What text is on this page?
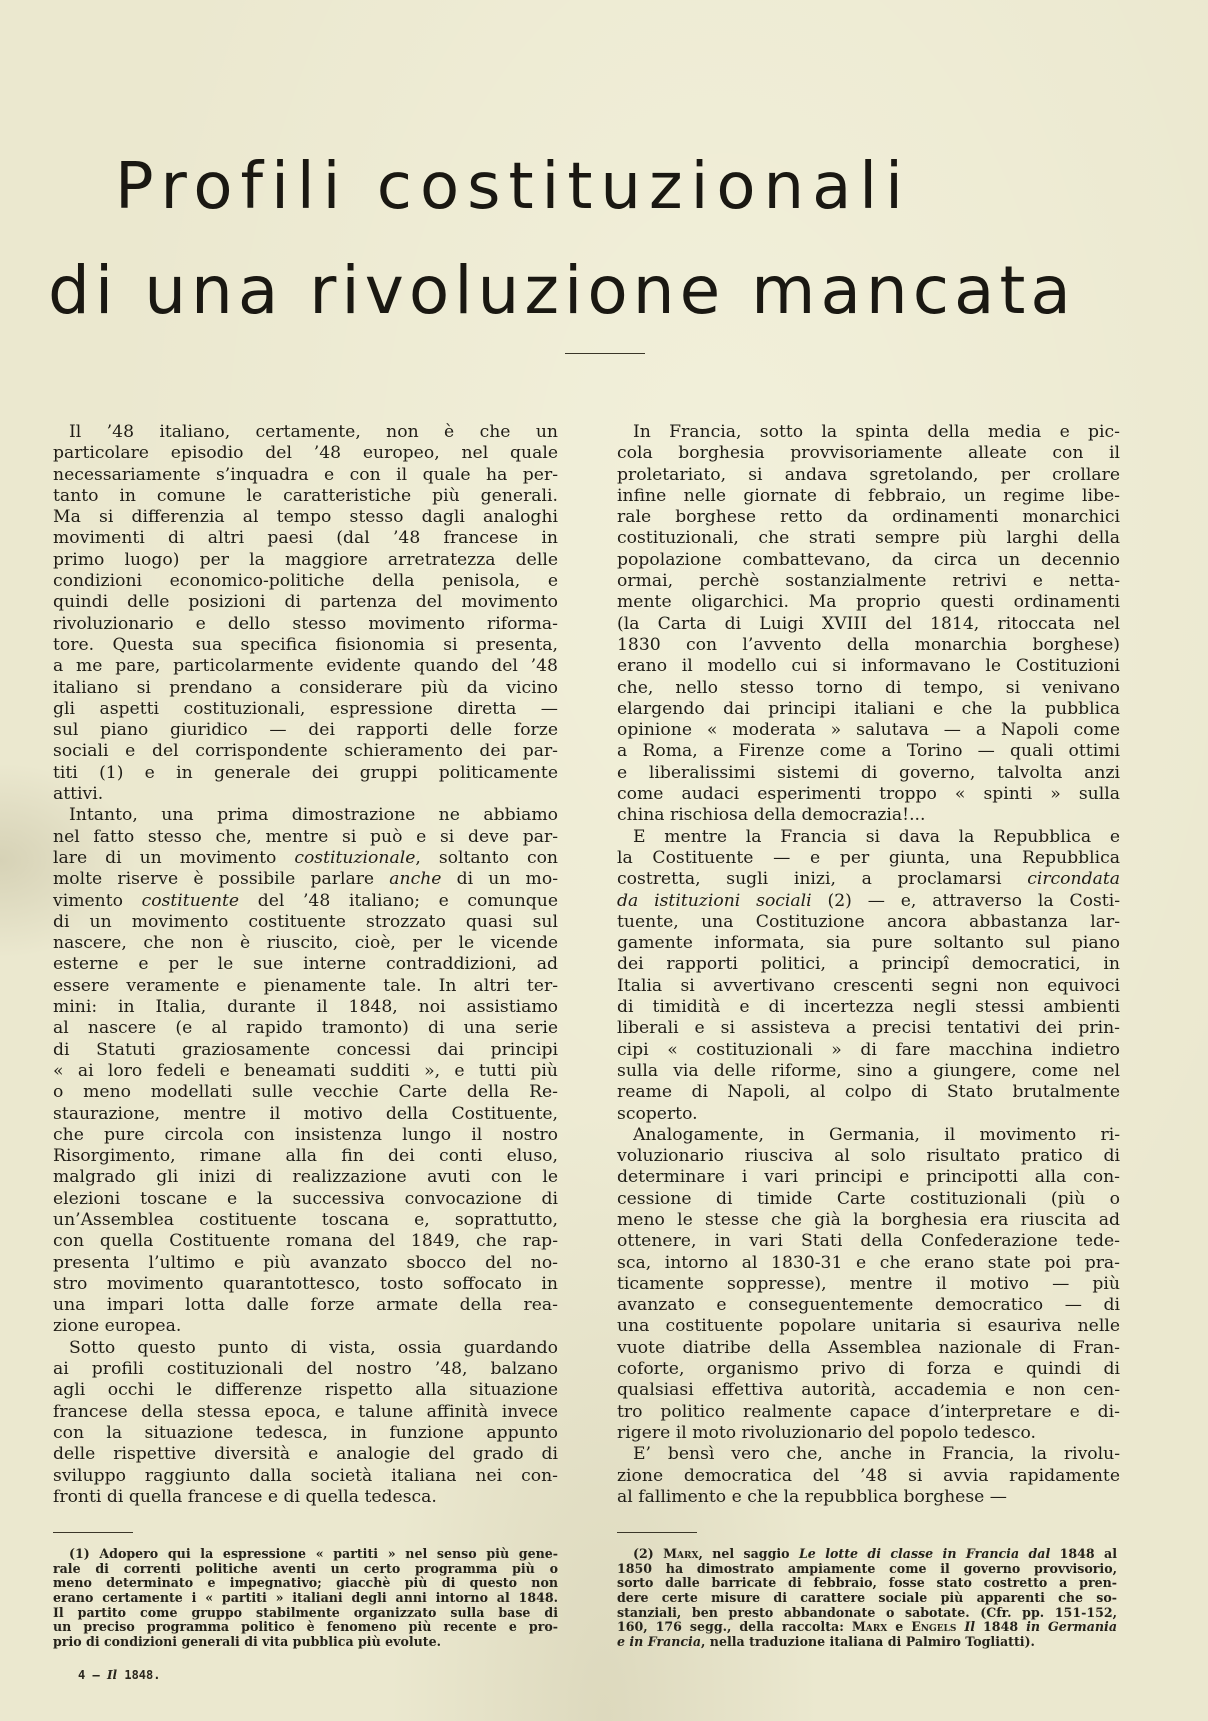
Profili costituzionali
di una rivoluzione mancata
Il ’48 italiano, certamente, non è che un
particolare episodio del ’48 europeo, nel quale
necessariamente s’inquadra e con il quale ha per-
tanto in comune le caratteristiche più generali.
Ma si differenzia al tempo stesso dagli analoghi
movimenti di altri paesi (dal ’48 francese in
primo luogo) per la maggiore arretratezza delle
condizioni economico-politiche della penisola, e
quindi delle posizioni di partenza del movimento
rivoluzionario e dello stesso movimento riforma-
tore. Questa sua specifica fisionomia si presenta,
a me pare, particolarmente evidente quando del ’48
italiano si prendano a considerare più da vicino
gli aspetti costituzionali, espressione diretta —
sul piano giuridico — dei rapporti delle forze
sociali e del corrispondente schieramento dei par-
titi (1) e in generale dei gruppi politicamente
attivi.
Intanto, una prima dimostrazione ne abbiamo
nel fatto stesso che, mentre si può e si deve par-
lare di un movimento costituzionale, soltanto con
molte riserve è possibile parlare anche di un mo-
vimento costituente del ’48 italiano; e comunque
di un movimento costituente strozzato quasi sul
nascere, che non è riuscito, cioè, per le vicende
esterne e per le sue interne contraddizioni, ad
essere veramente e pienamente tale. In altri ter-
mini: in Italia, durante il 1848, noi assistiamo
al nascere (e al rapido tramonto) di una serie
di Statuti graziosamente concessi dai principi
« ai loro fedeli e beneamati sudditi », e tutti più
o meno modellati sulle vecchie Carte della Re-
staurazione, mentre il motivo della Costituente,
che pure circola con insistenza lungo il nostro
Risorgimento, rimane alla fin dei conti eluso,
malgrado gli inizi di realizzazione avuti con le
elezioni toscane e la successiva convocazione di
un’Assemblea costituente toscana e, soprattutto,
con quella Costituente romana del 1849, che rap-
presenta l’ultimo e più avanzato sbocco del no-
stro movimento quarantottesco, tosto soffocato in
una impari lotta dalle forze armate della rea-
zione europea.
Sotto questo punto di vista, ossia guardando
ai profili costituzionali del nostro ’48, balzano
agli occhi le differenze rispetto alla situazione
francese della stessa epoca, e talune affinità invece
con la situazione tedesca, in funzione appunto
delle rispettive diversità e analogie del grado di
sviluppo raggiunto dalla società italiana nei con-
fronti di quella francese e di quella tedesca.
In Francia, sotto la spinta della media e pic-
cola borghesia provvisoriamente alleate con il
proletariato, si andava sgretolando, per crollare
infine nelle giornate di febbraio, un regime libe-
rale borghese retto da ordinamenti monarchici
costituzionali, che strati sempre più larghi della
popolazione combattevano, da circa un decennio
ormai, perchè sostanzialmente retrivi e netta-
mente oligarchici. Ma proprio questi ordinamenti
(la Carta di Luigi XVIII del 1814, ritoccata nel
1830 con l’avvento della monarchia borghese)
erano il modello cui si informavano le Costituzioni
che, nello stesso torno di tempo, si venivano
elargendo dai principi italiani e che la pubblica
opinione « moderata » salutava — a Napoli come
a Roma, a Firenze come a Torino — quali ottimi
e liberalissimi sistemi di governo, talvolta anzi
come audaci esperimenti troppo « spinti » sulla
china rischiosa della democrazia!...
E mentre la Francia si dava la Repubblica e
la Costituente — e per giunta, una Repubblica
costretta, sugli inizi, a proclamarsi circondata
da istituzioni sociali (2) — e, attraverso la Costi-
tuente, una Costituzione ancora abbastanza lar-
gamente informata, sia pure soltanto sul piano
dei rapporti politici, a principî democratici, in
Italia si avvertivano crescenti segni non equivoci
di timidità e di incertezza negli stessi ambienti
liberali e si assisteva a precisi tentativi dei prin-
cipi « costituzionali » di fare macchina indietro
sulla via delle riforme, sino a giungere, come nel
reame di Napoli, al colpo di Stato brutalmente
scoperto.
Analogamente, in Germania, il movimento ri-
voluzionario riusciva al solo risultato pratico di
determinare i vari principi e principotti alla con-
cessione di timide Carte costituzionali (più o
meno le stesse che già la borghesia era riuscita ad
ottenere, in vari Stati della Confederazione tede-
sca, intorno al 1830-31 e che erano state poi pra-
ticamente soppresse), mentre il motivo — più
avanzato e conseguentemente democratico — di
una costituente popolare unitaria si esauriva nelle
vuote diatribe della Assemblea nazionale di Fran-
coforte, organismo privo di forza e quindi di
qualsiasi effettiva autorità, accademia e non cen-
tro politico realmente capace d’interpretare e di-
rigere il moto rivoluzionario del popolo tedesco.
E’ bensì vero che, anche in Francia, la rivolu-
zione democratica del ’48 si avvia rapidamente
al fallimento e che la repubblica borghese —
(1) Adopero qui la espressione « partiti » nel senso più gene-
rale di correnti politiche aventi un certo programma più o
meno determinato e impegnativo; giacchè più di questo non
erano certamente i « partiti » italiani degli anni intorno al 1848.
Il partito come gruppo stabilmente organizzato sulla base di
un preciso programma politico è fenomeno più recente e pro-
prio di condizioni generali di vita pubblica più evolute.
(2) Marx, nel saggio Le lotte di classe in Francia dal 1848 al
1850 ha dimostrato ampiamente come il governo provvisorio,
sorto dalle barricate di febbraio, fosse stato costretto a pren-
dere certe misure di carattere sociale più apparenti che so-
stanziali, ben presto abbandonate o sabotate. (Cfr. pp. 151-152,
160, 176 segg., della raccolta: Marx e Engels Il 1848 in Germania
e in Francia, nella traduzione italiana di Palmiro Togliatti).
4 — Il 1848.
